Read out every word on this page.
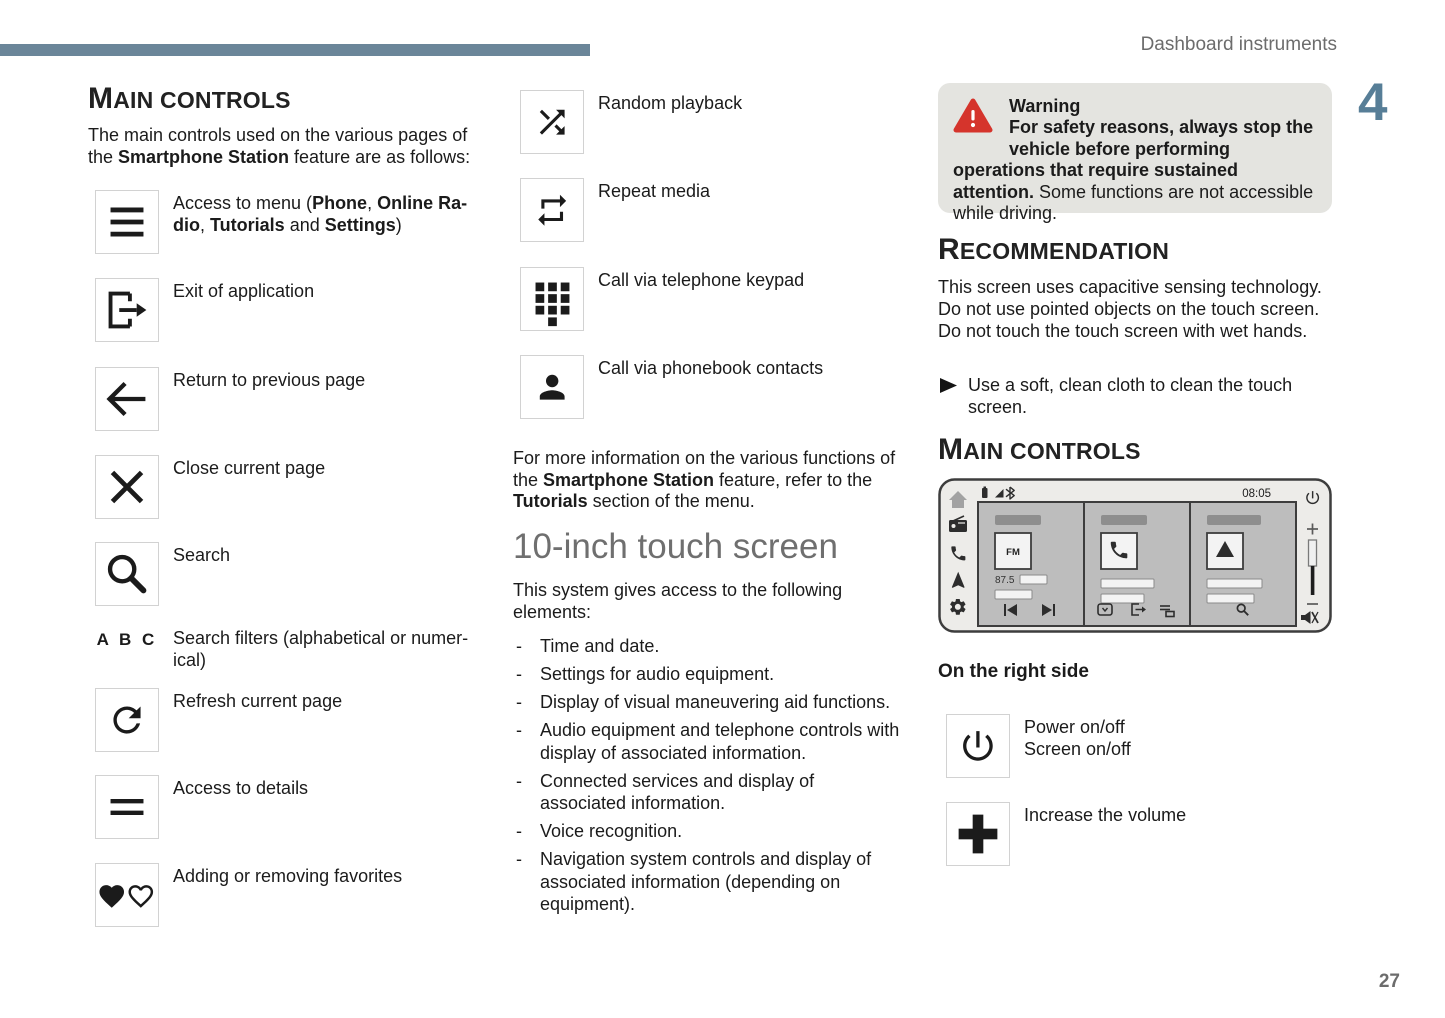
Dashboard instruments
4
27
MAIN CONTROLS

The main controls used on the various pages of the Smartphone Station feature are as follows:

Access to menu (Phone, Online Ra-
dio, Tutorials and Settings)
Exit of application
Return to previous page
Close current page
Search
A B C Search filters (alphabetical or numer-
ical)
Refresh current page
Access to details
Adding or removing favorites
Random playback
Repeat media
Call via telephone keypad
Call via phonebook contacts

For more information on the various functions of the Smartphone Station feature, refer to the Tutorials section of the menu.

10-inch touch screen

This system gives access to the following elements:

- Time and date.
- Settings for audio equipment.
- Display of visual maneuvering aid functions.
- Audio equipment and telephone controls with display of associated information.
- Connected services and display of associated information.
- Voice recognition.
- Navigation system controls and display of associated information (depending on equipment).
Warning
For safety reasons, always stop the vehicle before performing operations that require sustained attention. Some functions are not accessible while driving.
RECOMMENDATION

This screen uses capacitive sensing technology.
Do not use pointed objects on the touch screen.
Do not touch the touch screen with wet hands.

Use a soft, clean cloth to clean the touch screen.
MAIN CONTROLS
08:05
FM
87.5
On the right side
Power on/off
Screen on/off
Increase the volume
